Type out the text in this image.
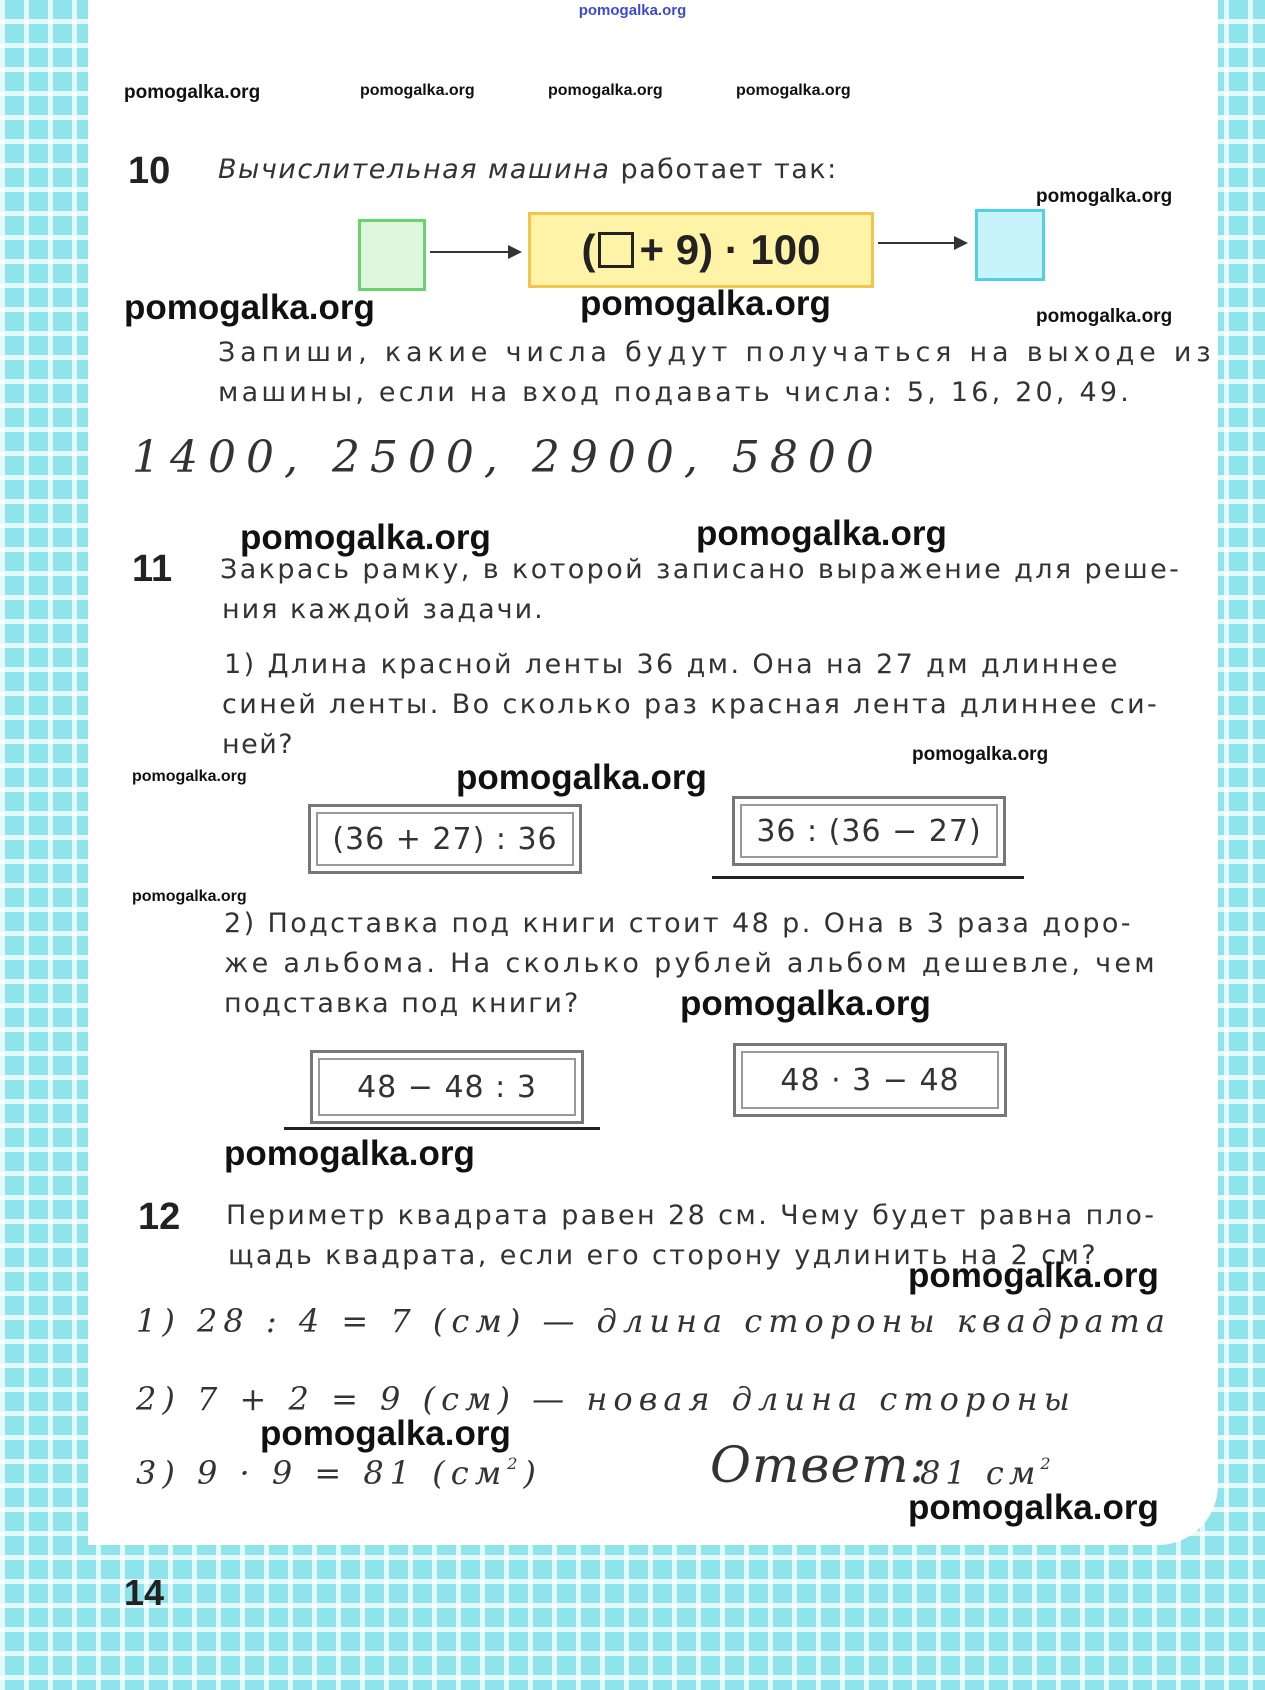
pomogalka.org
pomogalka.org	pomogalka.org	pomogalka.org	pomogalka.org
10 Вычислительная машина работает так:
pomogalka.org
( + 9) · 100
pomogalka.org	pomogalka.org	pomogalka.org
Запиши, какие числа будут получаться на выходе из
машины, если на вход подавать числа: 5, 16, 20, 49.
1400, 2500, 2900, 5800
pomogalka.org	pomogalka.org
11 Закрась рамку, в которой записано выражение для реше-
ния каждой задачи.
1) Длина красной ленты 36 дм. Она на 27 дм длиннее
синей ленты. Во сколько раз красная лента длиннее си-
ней?	pomogalka.org
pomogalka.org	pomogalka.org
(36 + 27) : 36	36 : (36 − 27)
pomogalka.org
2) Подставка под книги стоит 48 р. Она в 3 раза доро-
же альбома. На сколько рублей альбом дешевле, чем
подставка под книги?	pomogalka.org
48 − 48 : 3	48 · 3 − 48
pomogalka.org
12 Периметр квадрата равен 28 см. Чему будет равна пло-
щадь квадрата, если его сторону удлинить на 2 см?
pomogalka.org
1) 28 : 4 = 7 (см) — длина стороны квадрата
2) 7 + 2 = 9 (см) — новая длина стороны
pomogalka.org
3) 9 · 9 = 81 $(см^2)$	Ответ:
81 $см^2$
pomogalka.org
14
